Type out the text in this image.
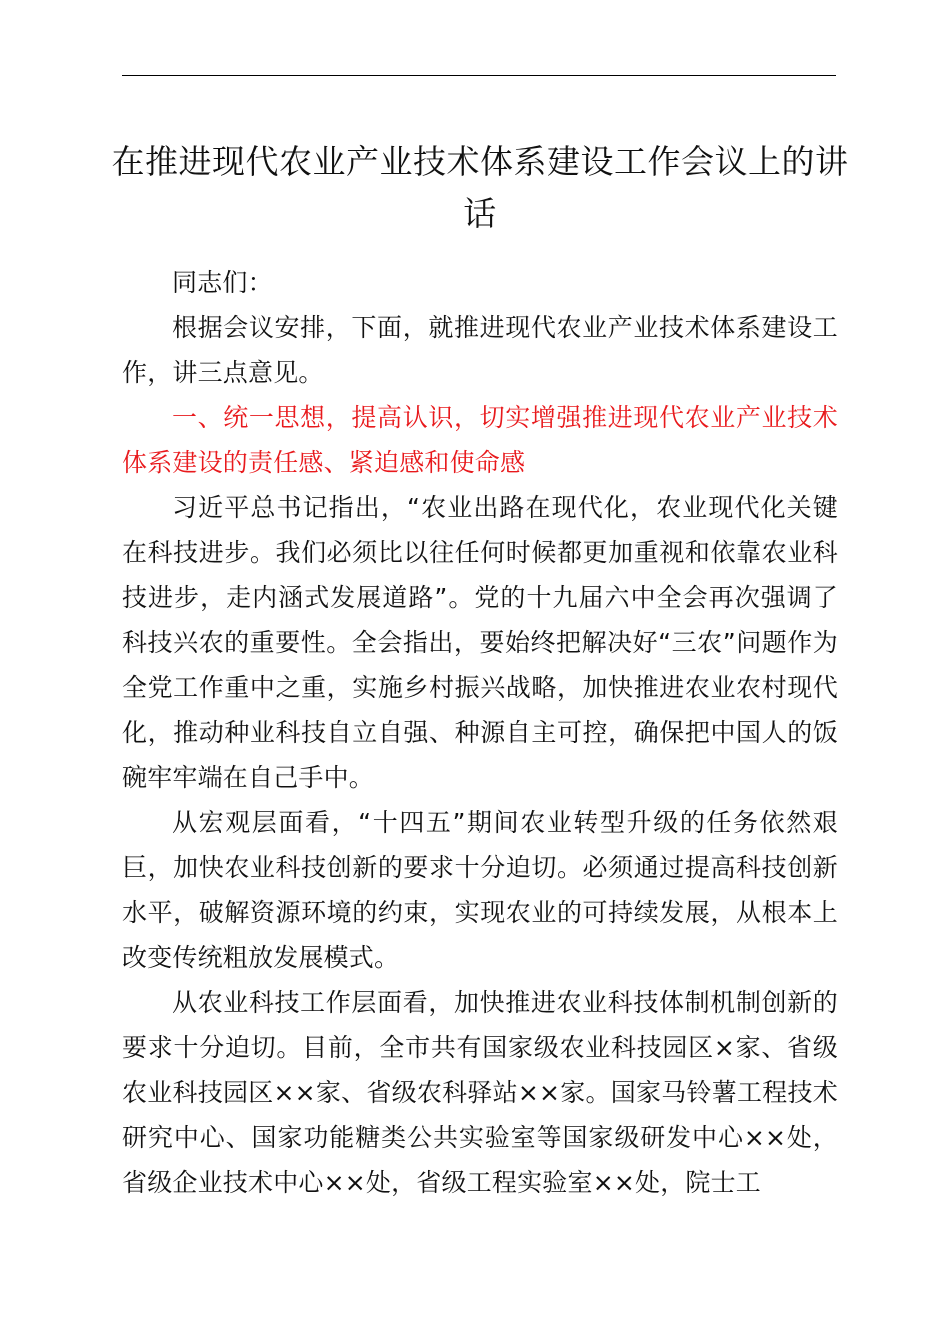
在推进现代农业产业技术体系建设工作会议上的讲话

同志们：

根据会议安排，下面，就推进现代农业产业技术体系建设工作，讲三点意见。

一、统一思想，提高认识，切实增强推进现代农业产业技术体系建设的责任感、紧迫感和使命感

习近平总书记指出，“农业出路在现代化，农业现代化关键在科技进步。我们必须比以往任何时候都更加重视和依靠农业科技进步，走内涵式发展道路”。党的十九届六中全会再次强调了科技兴农的重要性。全会指出，要始终把解决好“三农”问题作为全党工作重中之重，实施乡村振兴战略，加快推进农业农村现代化，推动种业科技自立自强、种源自主可控，确保把中国人的饭碗牢牢端在自己手中。

从宏观层面看，“十四五”期间农业转型升级的任务依然艰巨，加快农业科技创新的要求十分迫切。必须通过提高科技创新水平，破解资源环境的约束，实现农业的可持续发展，从根本上改变传统粗放发展模式。

从农业科技工作层面看，加快推进农业科技体制机制创新的要求十分迫切。目前，全市共有国家级农业科技园区×家、省级农业科技园区××家、省级农科驿站××家。国家马铃薯工程技术研究中心、国家功能糖类公共实验室等国家级研发中心××处，省级企业技术中心××处，省级工程实验室××处，院士工
